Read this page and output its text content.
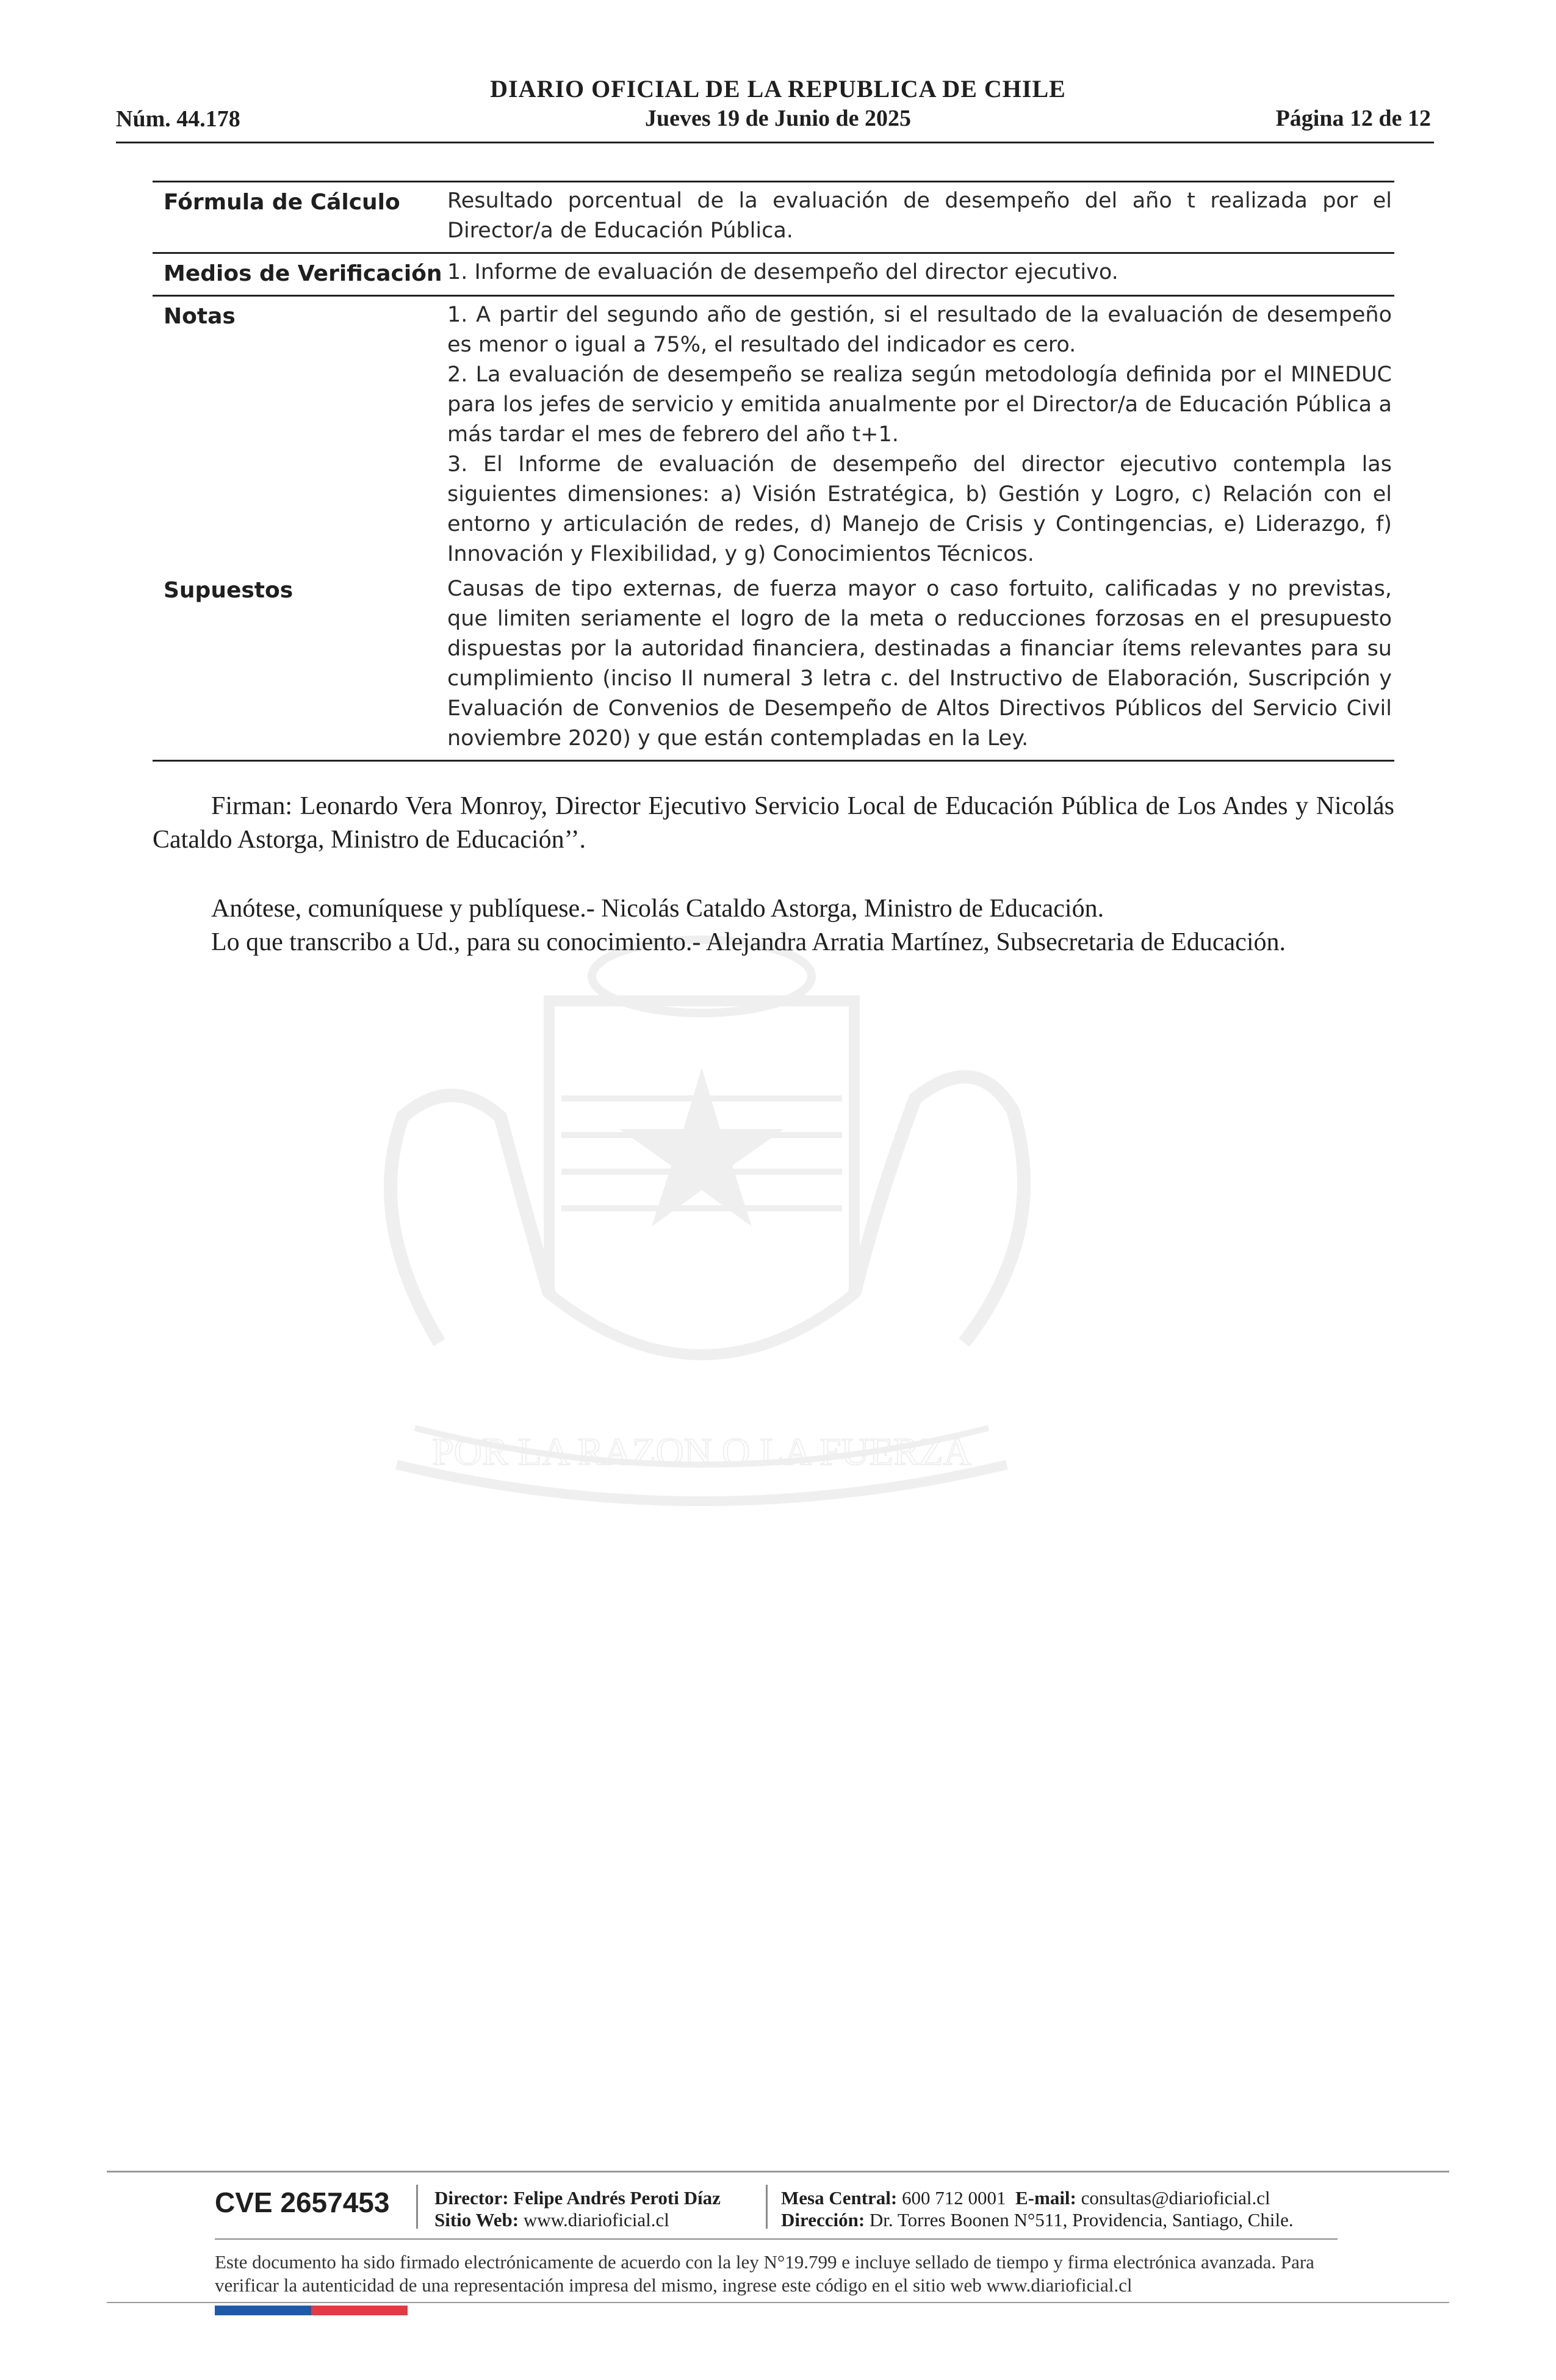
POR LA RAZON O LA FUERZA
DIARIO OFICIAL DE LA REPUBLICA DE CHILE
Jueves 19 de Junio de 2025
Núm. 44.178	Página 12 de 12
Fórmula de Cálculo	Resultado porcentual de la evaluación de desempeño del año t realizada por el Director/a de Educación Pública.
Medios de Verificación 1. Informe de evaluación de desempeño del director ejecutivo.
Notas	1. A partir del segundo año de gestión, si el resultado de la evaluación de desempeño es menor o igual a 75%, el resultado del indicador es cero.
2. La evaluación de desempeño se realiza según metodología definida por el MINEDUC para los jefes de servicio y emitida anualmente por el Director/a de Educación Pública a más tardar el mes de febrero del año t+1.
3. El Informe de evaluación de desempeño del director ejecutivo contempla las siguientes dimensiones: a) Visión Estratégica, b) Gestión y Logro, c) Relación con el entorno y articulación de redes, d) Manejo de Crisis y Contingencias, e) Liderazgo, f) Innovación y Flexibilidad, y g) Conocimientos Técnicos.
Supuestos	Causas de tipo externas, de fuerza mayor o caso fortuito, calificadas y no previstas, que limiten seriamente el logro de la meta o reducciones forzosas en el presupuesto dispuestas por la autoridad financiera, destinadas a financiar ítems relevantes para su cumplimiento (inciso II numeral 3 letra c. del Instructivo de Elaboración, Suscripción y Evaluación de Convenios de Desempeño de Altos Directivos Públicos del Servicio Civil noviembre 2020) y que están contempladas en la Ley.
Firman: Leonardo Vera Monroy, Director Ejecutivo Servicio Local de Educación Pública de Los Andes y Nicolás Cataldo Astorga, Ministro de Educación’’.
Anótese, comuníquese y publíquese.- Nicolás Cataldo Astorga, Ministro de Educación.
Lo que transcribo a Ud., para su conocimiento.- Alejandra Arratia Martínez, Subsecretaria de Educación.
CVE 2657453 Director: Felipe Andrés Peroti Díaz
Sitio Web: www.diarioficial.cl
Mesa Central: 600 712 0001 E-mail: consultas@diarioficial.cl
Dirección: Dr. Torres Boonen N°511, Providencia, Santiago, Chile.
Este documento ha sido firmado electrónicamente de acuerdo con la ley N°19.799 e incluye sellado de tiempo y firma electrónica avanzada. Para verificar la autenticidad de una representación impresa del mismo, ingrese este código en el sitio web www.diarioficial.cl
